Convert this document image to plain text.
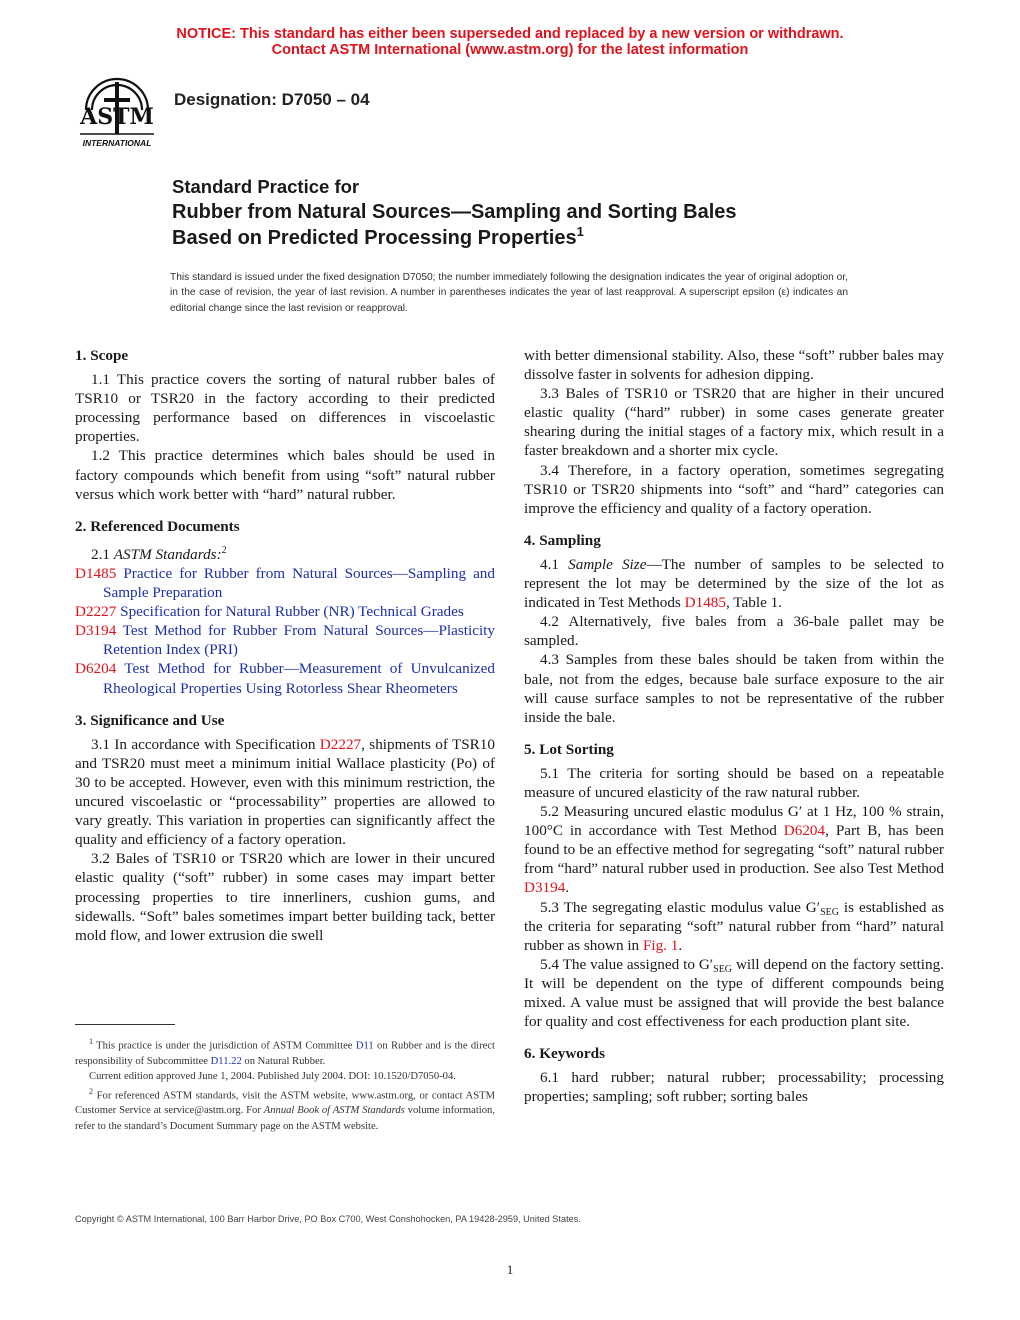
NOTICE: This standard has either been superseded and replaced by a new version or withdrawn.
Contact ASTM International (www.astm.org) for the latest information
ASTM
INTERNATIONAL
Designation: D7050 – 04
Standard Practice for
Rubber from Natural Sources—Sampling and Sorting Bales
Based on Predicted Processing Properties$^1$
This standard is issued under the fixed designation D7050; the number immediately following the designation indicates the year of original adoption or, in the case of revision, the year of last revision. A number in parentheses indicates the year of last reapproval. A superscript epsilon (ε) indicates an editorial change since the last revision or reapproval.
1. Scope

1.1 This practice covers the sorting of natural rubber bales of TSR10 or TSR20 in the factory according to their predicted processing performance based on differences in viscoelastic properties.

1.2 This practice determines which bales should be used in factory compounds which benefit from using “soft” natural rubber versus which work better with “hard” natural rubber.

2. Referenced Documents

2.1 ASTM Standards:$^2$

D1485 Practice for Rubber from Natural Sources—Sampling and Sample Preparation

D2227 Specification for Natural Rubber (NR) Technical Grades

D3194 Test Method for Rubber From Natural Sources—Plasticity Retention Index (PRI)

D6204 Test Method for Rubber—Measurement of Unvulcanized Rheological Properties Using Rotorless Shear Rheometers

3. Significance and Use

3.1 In accordance with Specification D2227, shipments of TSR10 and TSR20 must meet a minimum initial Wallace plasticity (Po) of 30 to be accepted. However, even with this minimum restriction, the uncured viscoelastic or “processability” properties are allowed to vary greatly. This variation in properties can significantly affect the quality and efficiency of a factory operation.

3.2 Bales of TSR10 or TSR20 which are lower in their uncured elastic quality (“soft” rubber) in some cases may impart better processing properties to tire innerliners, cushion gums, and sidewalls. “Soft” bales sometimes impart better building tack, better mold flow, and lower extrusion die swell

$^1$ This practice is under the jurisdiction of ASTM Committee D11 on Rubber and is the direct responsibility of Subcommittee D11.22 on Natural Rubber.

Current edition approved June 1, 2004. Published July 2004. DOI: 10.1520/D7050-04.

$^2$ For referenced ASTM standards, visit the ASTM website, www.astm.org, or contact ASTM Customer Service at service@astm.org. For Annual Book of ASTM Standards volume information, refer to the standard’s Document Summary page on the ASTM website.

with better dimensional stability. Also, these “soft” rubber bales may dissolve faster in solvents for adhesion dipping.

3.3 Bales of TSR10 or TSR20 that are higher in their uncured elastic quality (“hard” rubber) in some cases generate greater shearing during the initial stages of a factory mix, which result in a faster breakdown and a shorter mix cycle.

3.4 Therefore, in a factory operation, sometimes segregating TSR10 or TSR20 shipments into “soft” and “hard” categories can improve the efficiency and quality of a factory operation.

4. Sampling

4.1 Sample Size—The number of samples to be selected to represent the lot may be determined by the size of the lot as indicated in Test Methods D1485, Table 1.

4.2 Alternatively, five bales from a 36-bale pallet may be sampled.

4.3 Samples from these bales should be taken from within the bale, not from the edges, because bale surface exposure to the air will cause surface samples to not be representative of the rubber inside the bale.

5. Lot Sorting

5.1 The criteria for sorting should be based on a repeatable measure of uncured elasticity of the raw natural rubber.

5.2 Measuring uncured elastic modulus G′ at 1 Hz, 100 % strain, 100°C in accordance with Test Method D6204, Part B, has been found to be an effective method for segregating “soft” natural rubber from “hard” natural rubber used in production. See also Test Method D3194.

5.3 The segregating elastic modulus value $G'_{SEG}$ is established as the criteria for separating “soft” natural rubber from “hard” natural rubber as shown in Fig. 1.

5.4 The value assigned to $G'_{SEG}$ will depend on the factory setting. It will be dependent on the type of different compounds being mixed. A value must be assigned that will provide the best balance for quality and cost effectiveness for each production plant site.

6. Keywords

6.1 hard rubber; natural rubber; processability; processing properties; sampling; soft rubber; sorting bales

Copyright © ASTM International, 100 Barr Harbor Drive, PO Box C700, West Conshohocken, PA 19428-2959, United States.
1
